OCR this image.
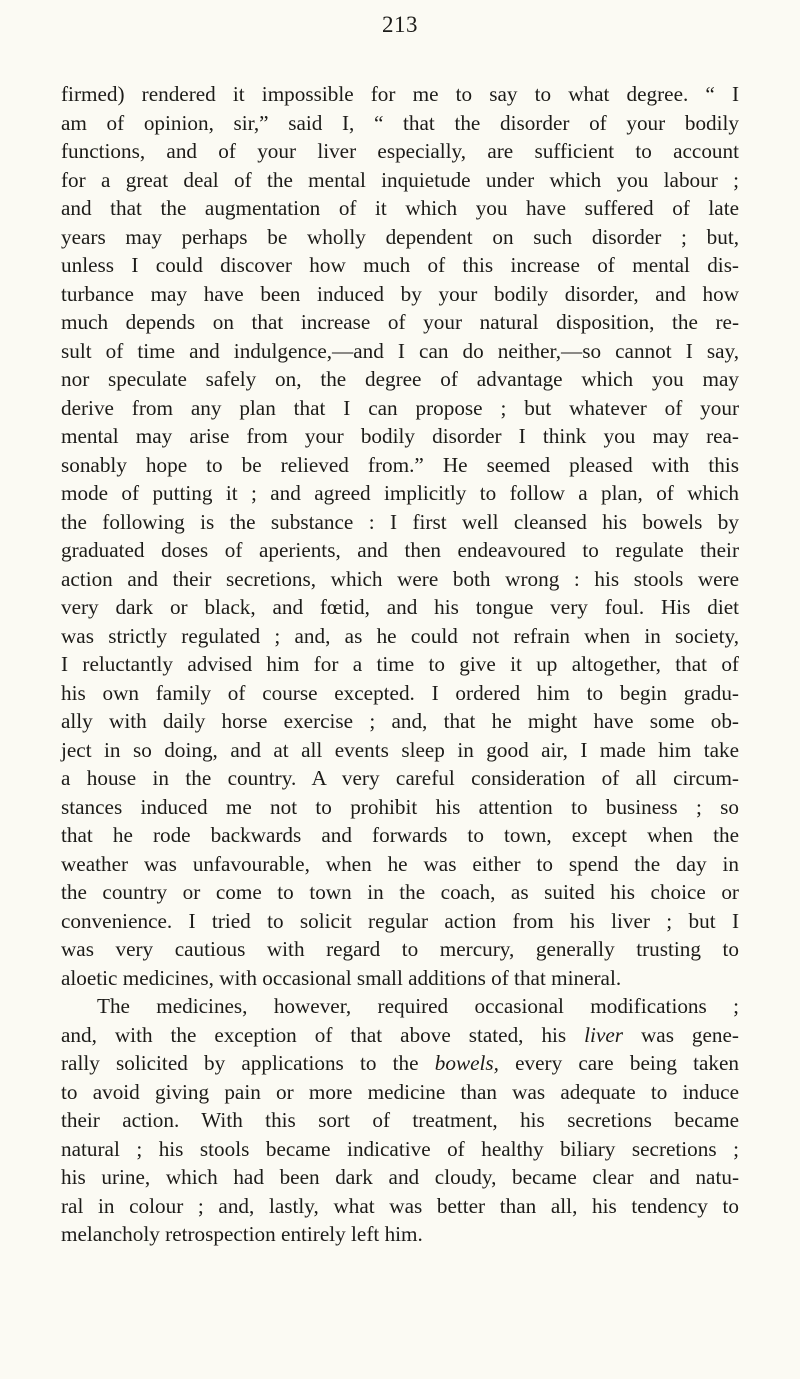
213
firmed) rendered it impossible for me to say to what degree. “ I
am of opinion, sir,” said I, “ that the disorder of your bodily
functions, and of your liver especially, are sufficient to account
for a great deal of the mental inquietude under which you labour ;
and that the augmentation of it which you have suffered of late
years may perhaps be wholly dependent on such disorder ; but,
unless I could discover how much of this increase of mental dis-
turbance may have been induced by your bodily disorder, and how
much depends on that increase of your natural disposition, the re-
sult of time and indulgence,—and I can do neither,—so cannot I say,
nor speculate safely on, the degree of advantage which you may
derive from any plan that I can propose ; but whatever of your
mental may arise from your bodily disorder I think you may rea-
sonably hope to be relieved from.” He seemed pleased with this
mode of putting it ; and agreed implicitly to follow a plan, of which
the following is the substance : I first well cleansed his bowels by
graduated doses of aperients, and then endeavoured to regulate their
action and their secretions, which were both wrong : his stools were
very dark or black, and fœtid, and his tongue very foul. His diet
was strictly regulated ; and, as he could not refrain when in society,
I reluctantly advised him for a time to give it up altogether, that of
his own family of course excepted. I ordered him to begin gradu-
ally with daily horse exercise ; and, that he might have some ob-
ject in so doing, and at all events sleep in good air, I made him take
a house in the country. A very careful consideration of all circum-
stances induced me not to prohibit his attention to business ; so
that he rode backwards and forwards to town, except when the
weather was unfavourable, when he was either to spend the day in
the country or come to town in the coach, as suited his choice or
convenience. I tried to solicit regular action from his liver ; but I
was very cautious with regard to mercury, generally trusting to
aloetic medicines, with occasional small additions of that mineral.
The medicines, however, required occasional modifications ;
and, with the exception of that above stated, his liver was gene-
rally solicited by applications to the bowels, every care being taken
to avoid giving pain or more medicine than was adequate to induce
their action. With this sort of treatment, his secretions became
natural ; his stools became indicative of healthy biliary secretions ;
his urine, which had been dark and cloudy, became clear and natu-
ral in colour ; and, lastly, what was better than all, his tendency to
melancholy retrospection entirely left him.
